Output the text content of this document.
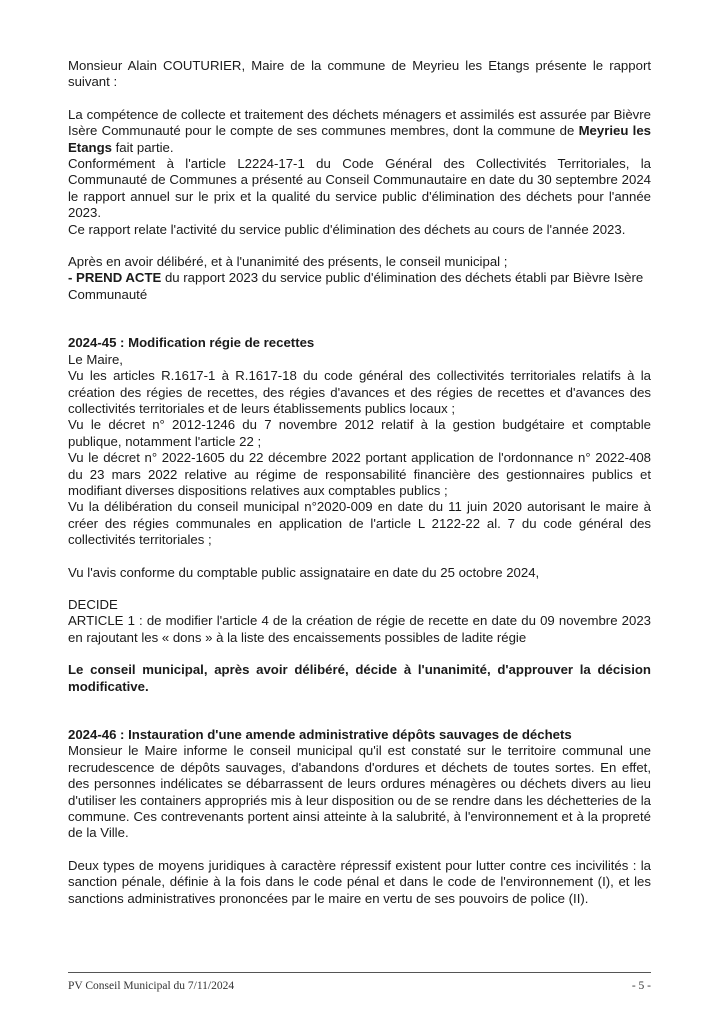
Monsieur Alain COUTURIER, Maire de la commune de Meyrieu les Etangs présente le rapport suivant :

La compétence de collecte et traitement des déchets ménagers et assimilés est assurée par Bièvre Isère Communauté pour le compte de ses communes membres, dont la commune de Meyrieu les Etangs fait partie.

Conformément à l'article L2224-17-1 du Code Général des Collectivités Territoriales, la Communauté de Communes a présenté au Conseil Communautaire en date du 30 septembre 2024 le rapport annuel sur le prix et la qualité du service public d'élimination des déchets pour l'année 2023.

Ce rapport relate l'activité du service public d'élimination des déchets au cours de l'année 2023.

Après en avoir délibéré, et à l'unanimité des présents, le conseil municipal ;

- PREND ACTE du rapport 2023 du service public d'élimination des déchets établi par Bièvre Isère Communauté

2024-45 : Modification régie de recettes

Le Maire,

Vu les articles R.1617-1 à R.1617-18 du code général des collectivités territoriales relatifs à la création des régies de recettes, des régies d'avances et des régies de recettes et d'avances des collectivités territoriales et de leurs établissements publics locaux ;

Vu le décret n° 2012-1246 du 7 novembre 2012 relatif à la gestion budgétaire et comptable publique, notamment l'article 22 ;

Vu le décret n° 2022-1605 du 22 décembre 2022 portant application de l'ordonnance n° 2022-408 du 23 mars 2022 relative au régime de responsabilité financière des gestionnaires publics et modifiant diverses dispositions relatives aux comptables publics ;

Vu la délibération du conseil municipal n°2020-009 en date du 11 juin 2020 autorisant le maire à créer des régies communales en application de l'article L 2122-22 al. 7 du code général des collectivités territoriales ;

Vu l'avis conforme du comptable public assignataire en date du 25 octobre 2024,

DECIDE

ARTICLE 1 : de modifier l'article 4 de la création de régie de recette en date du 09 novembre 2023 en rajoutant les « dons » à la liste des encaissements possibles de ladite régie

Le conseil municipal, après avoir délibéré, décide à l'unanimité, d'approuver la décision modificative.

2024-46 : Instauration d'une amende administrative dépôts sauvages de déchets

Monsieur le Maire informe le conseil municipal qu'il est constaté sur le territoire communal une recrudescence de dépôts sauvages, d'abandons d'ordures et déchets de toutes sortes. En effet, des personnes indélicates se débarrassent de leurs ordures ménagères ou déchets divers au lieu d'utiliser les containers appropriés mis à leur disposition ou de se rendre dans les déchetteries de la commune. Ces contrevenants portent ainsi atteinte à la salubrité, à l'environnement et à la propreté de la Ville.

Deux types de moyens juridiques à caractère répressif existent pour lutter contre ces incivilités : la sanction pénale, définie à la fois dans le code pénal et dans le code de l'environnement (I), et les sanctions administratives prononcées par le maire en vertu de ses pouvoirs de police (II).

PV Conseil Municipal du 7/11/2024	- 5 -
